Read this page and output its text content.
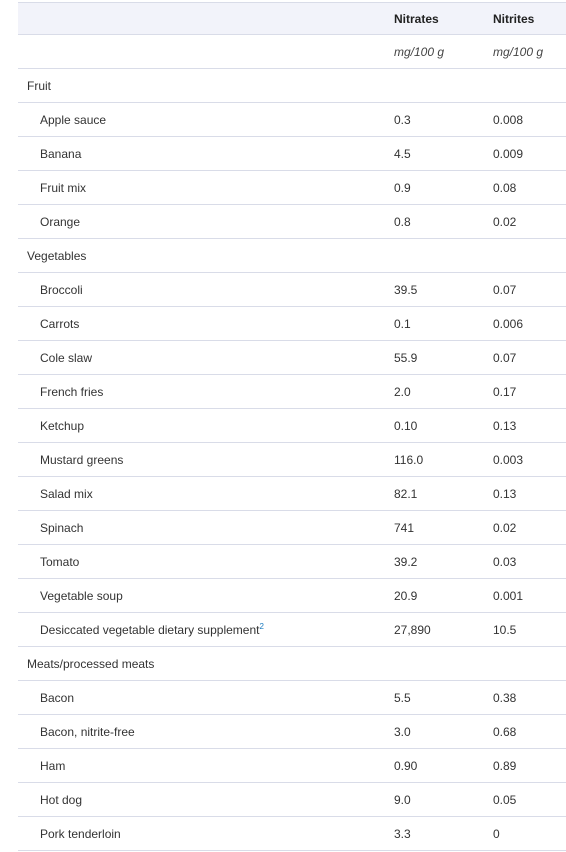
	Nitrates	Nitrites
	mg/100 g	mg/100 g
Fruit		
Apple sauce	0.3	0.008
Banana	4.5	0.009
Fruit mix	0.9	0.08
Orange	0.8	0.02
Vegetables		
Broccoli	39.5	0.07
Carrots	0.1	0.006
Cole slaw	55.9	0.07
French fries	2.0	0.17
Ketchup	0.10	0.13
Mustard greens	116.0	0.003
Salad mix	82.1	0.13
Spinach	741	0.02
Tomato	39.2	0.03
Vegetable soup	20.9	0.001
Desiccated vegetable dietary supplement$^2$	27,890	10.5
Meats/processed meats		
Bacon	5.5	0.38
Bacon, nitrite-free	3.0	0.68
Ham	0.90	0.89
Hot dog	9.0	0.05
Pork tenderloin	3.3	0
